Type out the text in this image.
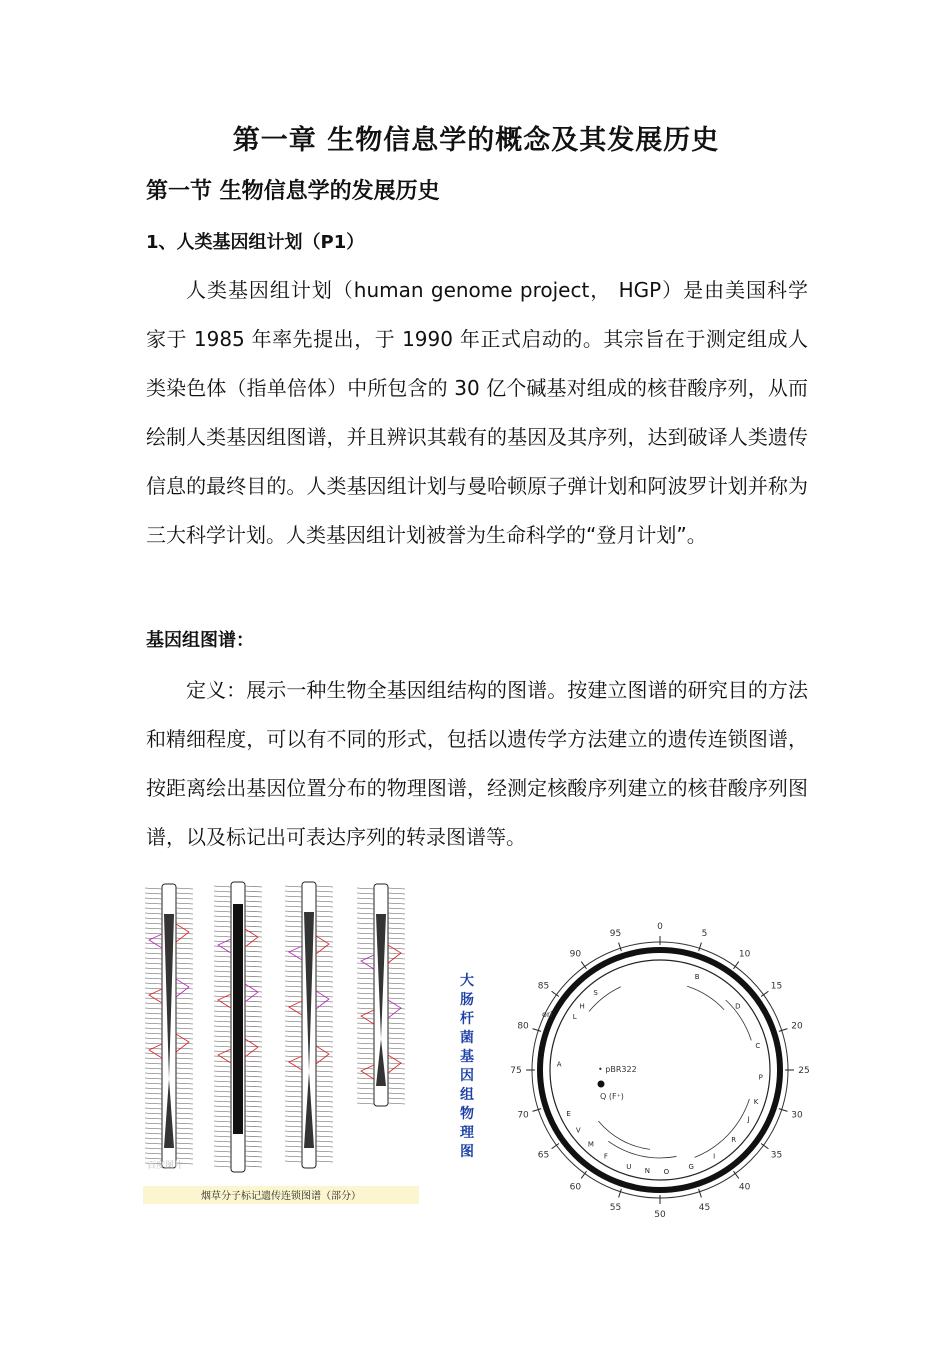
第一章 生物信息学的概念及其发展历史
第一节 生物信息学的发展历史
1、人类基因组计划（P1）

人类基因组计划（human genome project， HGP）是由美国科学家于 1985 年率先提出，于 1990 年正式启动的。其宗旨在于测定组成人类染色体（指单倍体）中所包含的 30 亿个碱基对组成的核苷酸序列，从而绘制人类基因组图谱，并且辨识其载有的基因及其序列，达到破译人类遗传信息的最终目的。人类基因组计划与曼哈顿原子弹计划和阿波罗计划并称为三大科学计划。人类基因组计划被誉为生命科学的“登月计划”。

基因组图谱：

定义：展示一种生物全基因组结构的图谱。按建立图谱的研究目的方法和精细程度，可以有不同的形式，包括以遗传学方法建立的遗传连锁图谱，按距离绘出基因位置分布的物理图谱，经测定核酸序列建立的核苷酸序列图谱，以及标记出可表达序列的转录图谱等。

百度图片
烟草分子标记遗传连锁图谱（部分）
大
肠
杆
菌
基
因
组
物
理
图
0
5
10
15
20
25
30
35
40
45
50
55
60
65
70
75
80
85
90
95
B
D
C
H
S
L
P
K
J
R
I
G
O
N
U
F
M
V
E
A
ori
• pBR322
Q (F⁺)
